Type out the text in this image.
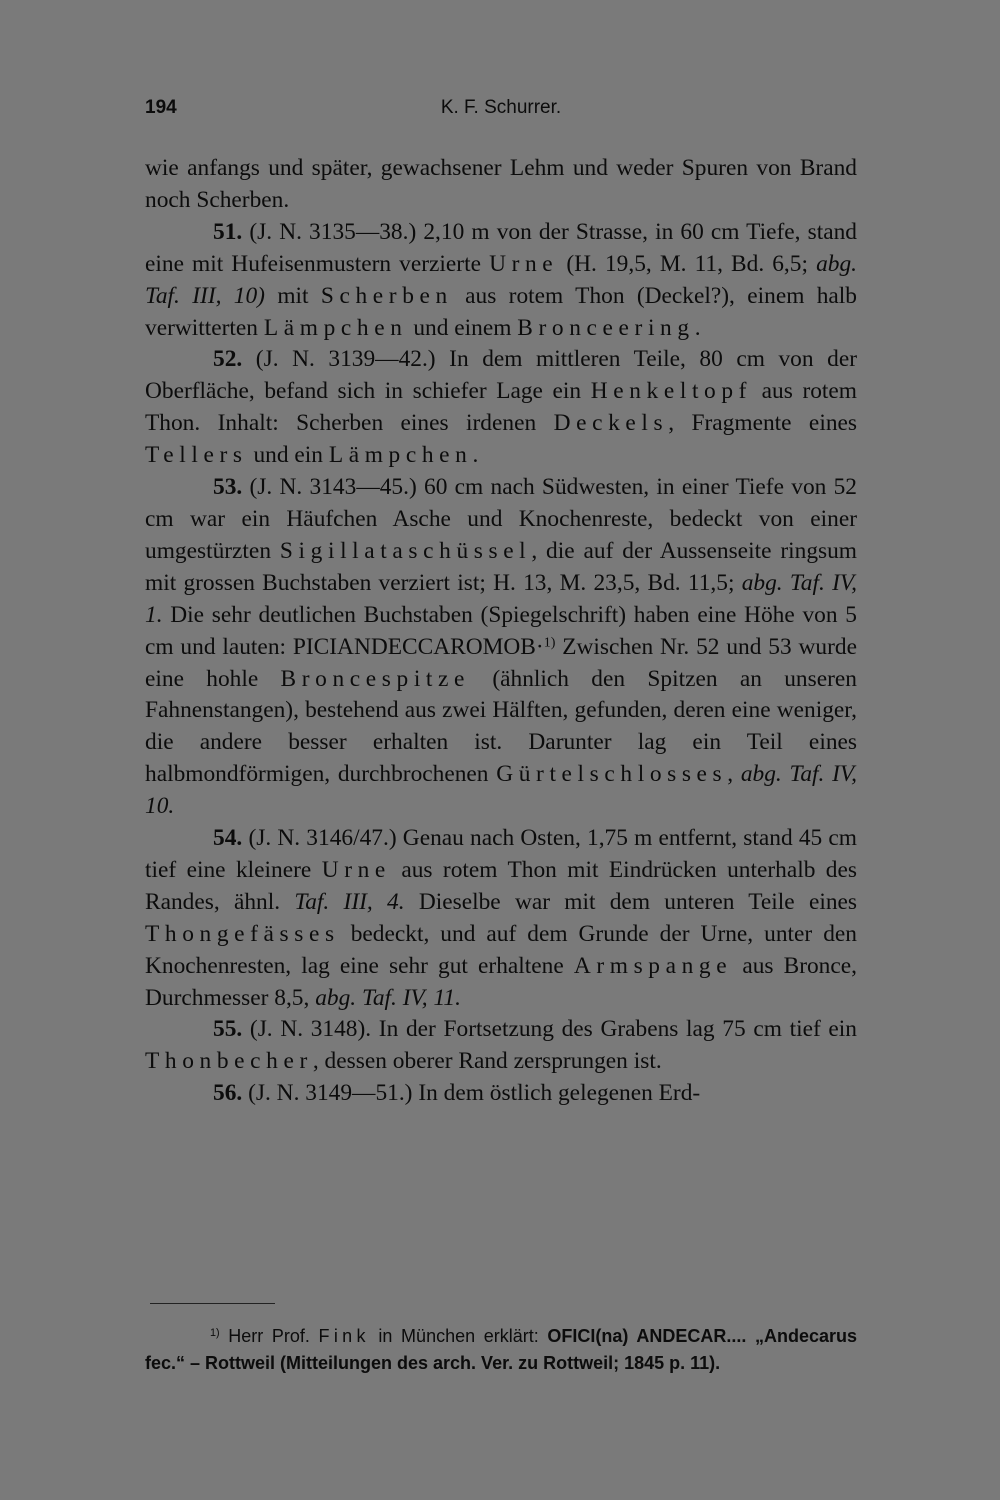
194	K. F. Schurrer.

wie anfangs und später, gewachsener Lehm und weder Spuren von Brand noch Scherben.

51. (J. N. 3135—38.) 2,10 m von der Strasse, in 60 cm Tiefe, stand eine mit Hufeisenmustern verzierte Urne (H. 19,5, M. 11, Bd. 6,5; abg. Taf. III, 10) mit Scherben aus rotem Thon (Deckel?), einem halb verwitterten Lämpchen und einem Bronceering.

52. (J. N. 3139—42.) In dem mittleren Teile, 80 cm von der Oberfläche, befand sich in schiefer Lage ein Henkeltopf aus rotem Thon. Inhalt: Scherben eines irdenen Deckels, Fragmente eines Tellers und ein Lämpchen.

53. (J. N. 3143—45.) 60 cm nach Südwesten, in einer Tiefe von 52 cm war ein Häufchen Asche und Knochenreste, bedeckt von einer umgestürzten Sigillataschüssel, die auf der Aussenseite ringsum mit grossen Buchstaben verziert ist; H. 13, M. 23,5, Bd. 11,5; abg. Taf. IV, 1. Die sehr deutlichen Buchstaben (Spiegelschrift) haben eine Höhe von 5 cm und lauten: PICIANDECCAROMOB·$^{1)}$ Zwischen Nr. 52 und 53 wurde eine hohle Broncespitze (ähnlich den Spitzen an unseren Fahnenstangen), bestehend aus zwei Hälften, gefunden, deren eine weniger, die andere besser erhalten ist. Darunter lag ein Teil eines halbmondförmigen, durchbrochenen Gürtelschlosses, abg. Taf. IV, 10.

54. (J. N. 3146/47.) Genau nach Osten, 1,75 m entfernt, stand 45 cm tief eine kleinere Urne aus rotem Thon mit Eindrücken unterhalb des Randes, ähnl. Taf. III, 4. Dieselbe war mit dem unteren Teile eines Thongefässes bedeckt, und auf dem Grunde der Urne, unter den Knochenresten, lag eine sehr gut erhaltene Armspange aus Bronce, Durchmesser 8,5, abg. Taf. IV, 11.

55. (J. N. 3148). In der Fortsetzung des Grabens lag 75 cm tief ein Thonbecher, dessen oberer Rand zersprungen ist.

56. (J. N. 3149—51.) In dem östlich gelegenen Erd-

$^{1)}$ Herr Prof. Fink in München erklärt: OFICI(na) ANDECAR.... „Andecarus fec.“ – Rottweil (Mitteilungen des arch. Ver. zu Rottweil; 1845 p. 11).
